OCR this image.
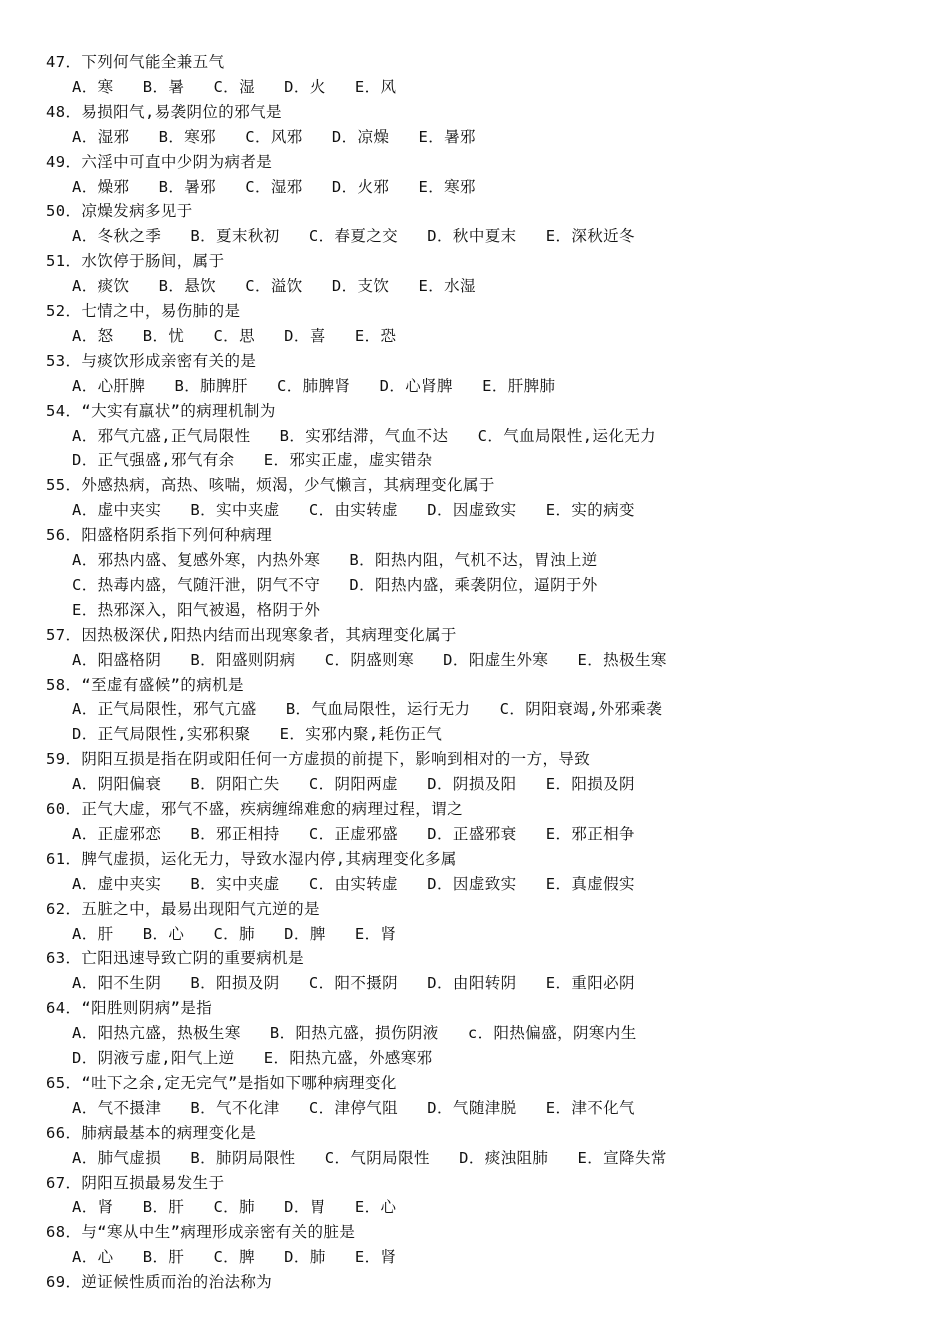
47．下列何气能全兼五气
A．寒   B．暑   C．湿   D．火   E．风
48．易损阳气,易袭阴位的邪气是
A．湿邪   B．寒邪   C．风邪   D．凉燥   E．暑邪
49．六淫中可直中少阴为病者是
A．燥邪   B．暑邪   C．湿邪   D．火邪   E．寒邪
50．凉燥发病多见于
A．冬秋之季   B．夏末秋初   C．春夏之交   D．秋中夏末   E．深秋近冬
51．水饮停于肠间，属于
A．痰饮   B．悬饮   C．溢饮   D．支饮   E．水湿
52．七情之中，易伤肺的是
A．怒   B．忧   C．思   D．喜   E．恐
53．与痰饮形成亲密有关的是
A．心肝脾   B．肺脾肝   C．肺脾肾   D．心肾脾   E．肝脾肺
54．“大实有羸状”的病理机制为
A．邪气亢盛,正气局限性   B．实邪结滞，气血不达   C．气血局限性,运化无力
D．正气强盛,邪气有余   E．邪实正虚，虚实错杂
55．外感热病，高热、咳喘，烦渴，少气懒言，其病理变化属于
A．虚中夹实   B．实中夹虚   C．由实转虚   D．因虚致实   E．实的病变
56．阳盛格阴系指下列何种病理
A．邪热内盛、复感外寒，内热外寒   B．阳热内阻，气机不达，胃浊上逆
C．热毒内盛，气随汗泄，阴气不守   D．阳热内盛，乘袭阴位，逼阴于外
E．热邪深入，阳气被遏，格阴于外
57．因热极深伏,阳热内结而出现寒象者，其病理变化属于
A．阳盛格阴   B．阳盛则阴病   C．阴盛则寒   D．阳虚生外寒   E．热极生寒
58．“至虚有盛候”的病机是
A．正气局限性，邪气亢盛   B．气血局限性，运行无力   C．阴阳衰竭,外邪乘袭
D．正气局限性,实邪积聚   E．实邪内聚,耗伤正气
59．阴阳互损是指在阴或阳任何一方虚损的前提下，影响到相对的一方，导致
A．阴阳偏衰   B．阴阳亡失   C．阴阳两虚   D．阴损及阳   E．阳损及阴
60．正气大虚，邪气不盛，疾病缠绵难愈的病理过程，谓之
A．正虚邪恋   B．邪正相持   C．正虚邪盛   D．正盛邪衰   E．邪正相争
61．脾气虚损，运化无力，导致水湿内停,其病理变化多属
A．虚中夹实   B．实中夹虚   C．由实转虚   D．因虚致实   E．真虚假实
62．五脏之中，最易出现阳气亢逆的是
A．肝   B．心   C．肺   D．脾   E．肾
63．亡阳迅速导致亡阴的重要病机是
A．阳不生阴   B．阳损及阴   C．阳不摄阴   D．由阳转阴   E．重阳必阴
64．“阳胜则阴病”是指
A．阳热亢盛，热极生寒   B．阳热亢盛，损伤阴液   c．阳热偏盛，阴寒内生
D．阴液亏虚,阳气上逆   E．阳热亢盛，外感寒邪
65．“吐下之余,定无完气”是指如下哪种病理变化
A．气不摄津   B．气不化津   C．津停气阻   D．气随津脱   E．津不化气
66．肺病最基本的病理变化是
A．肺气虚损   B．肺阴局限性   C．气阴局限性   D．痰浊阻肺   E．宣降失常
67．阴阳互损最易发生于
A．肾   B．肝   C．肺   D．胃   E．心
68．与“寒从中生”病理形成亲密有关的脏是
A．心   B．肝   C．脾   D．肺   E．肾
69．逆证候性质而治的治法称为
